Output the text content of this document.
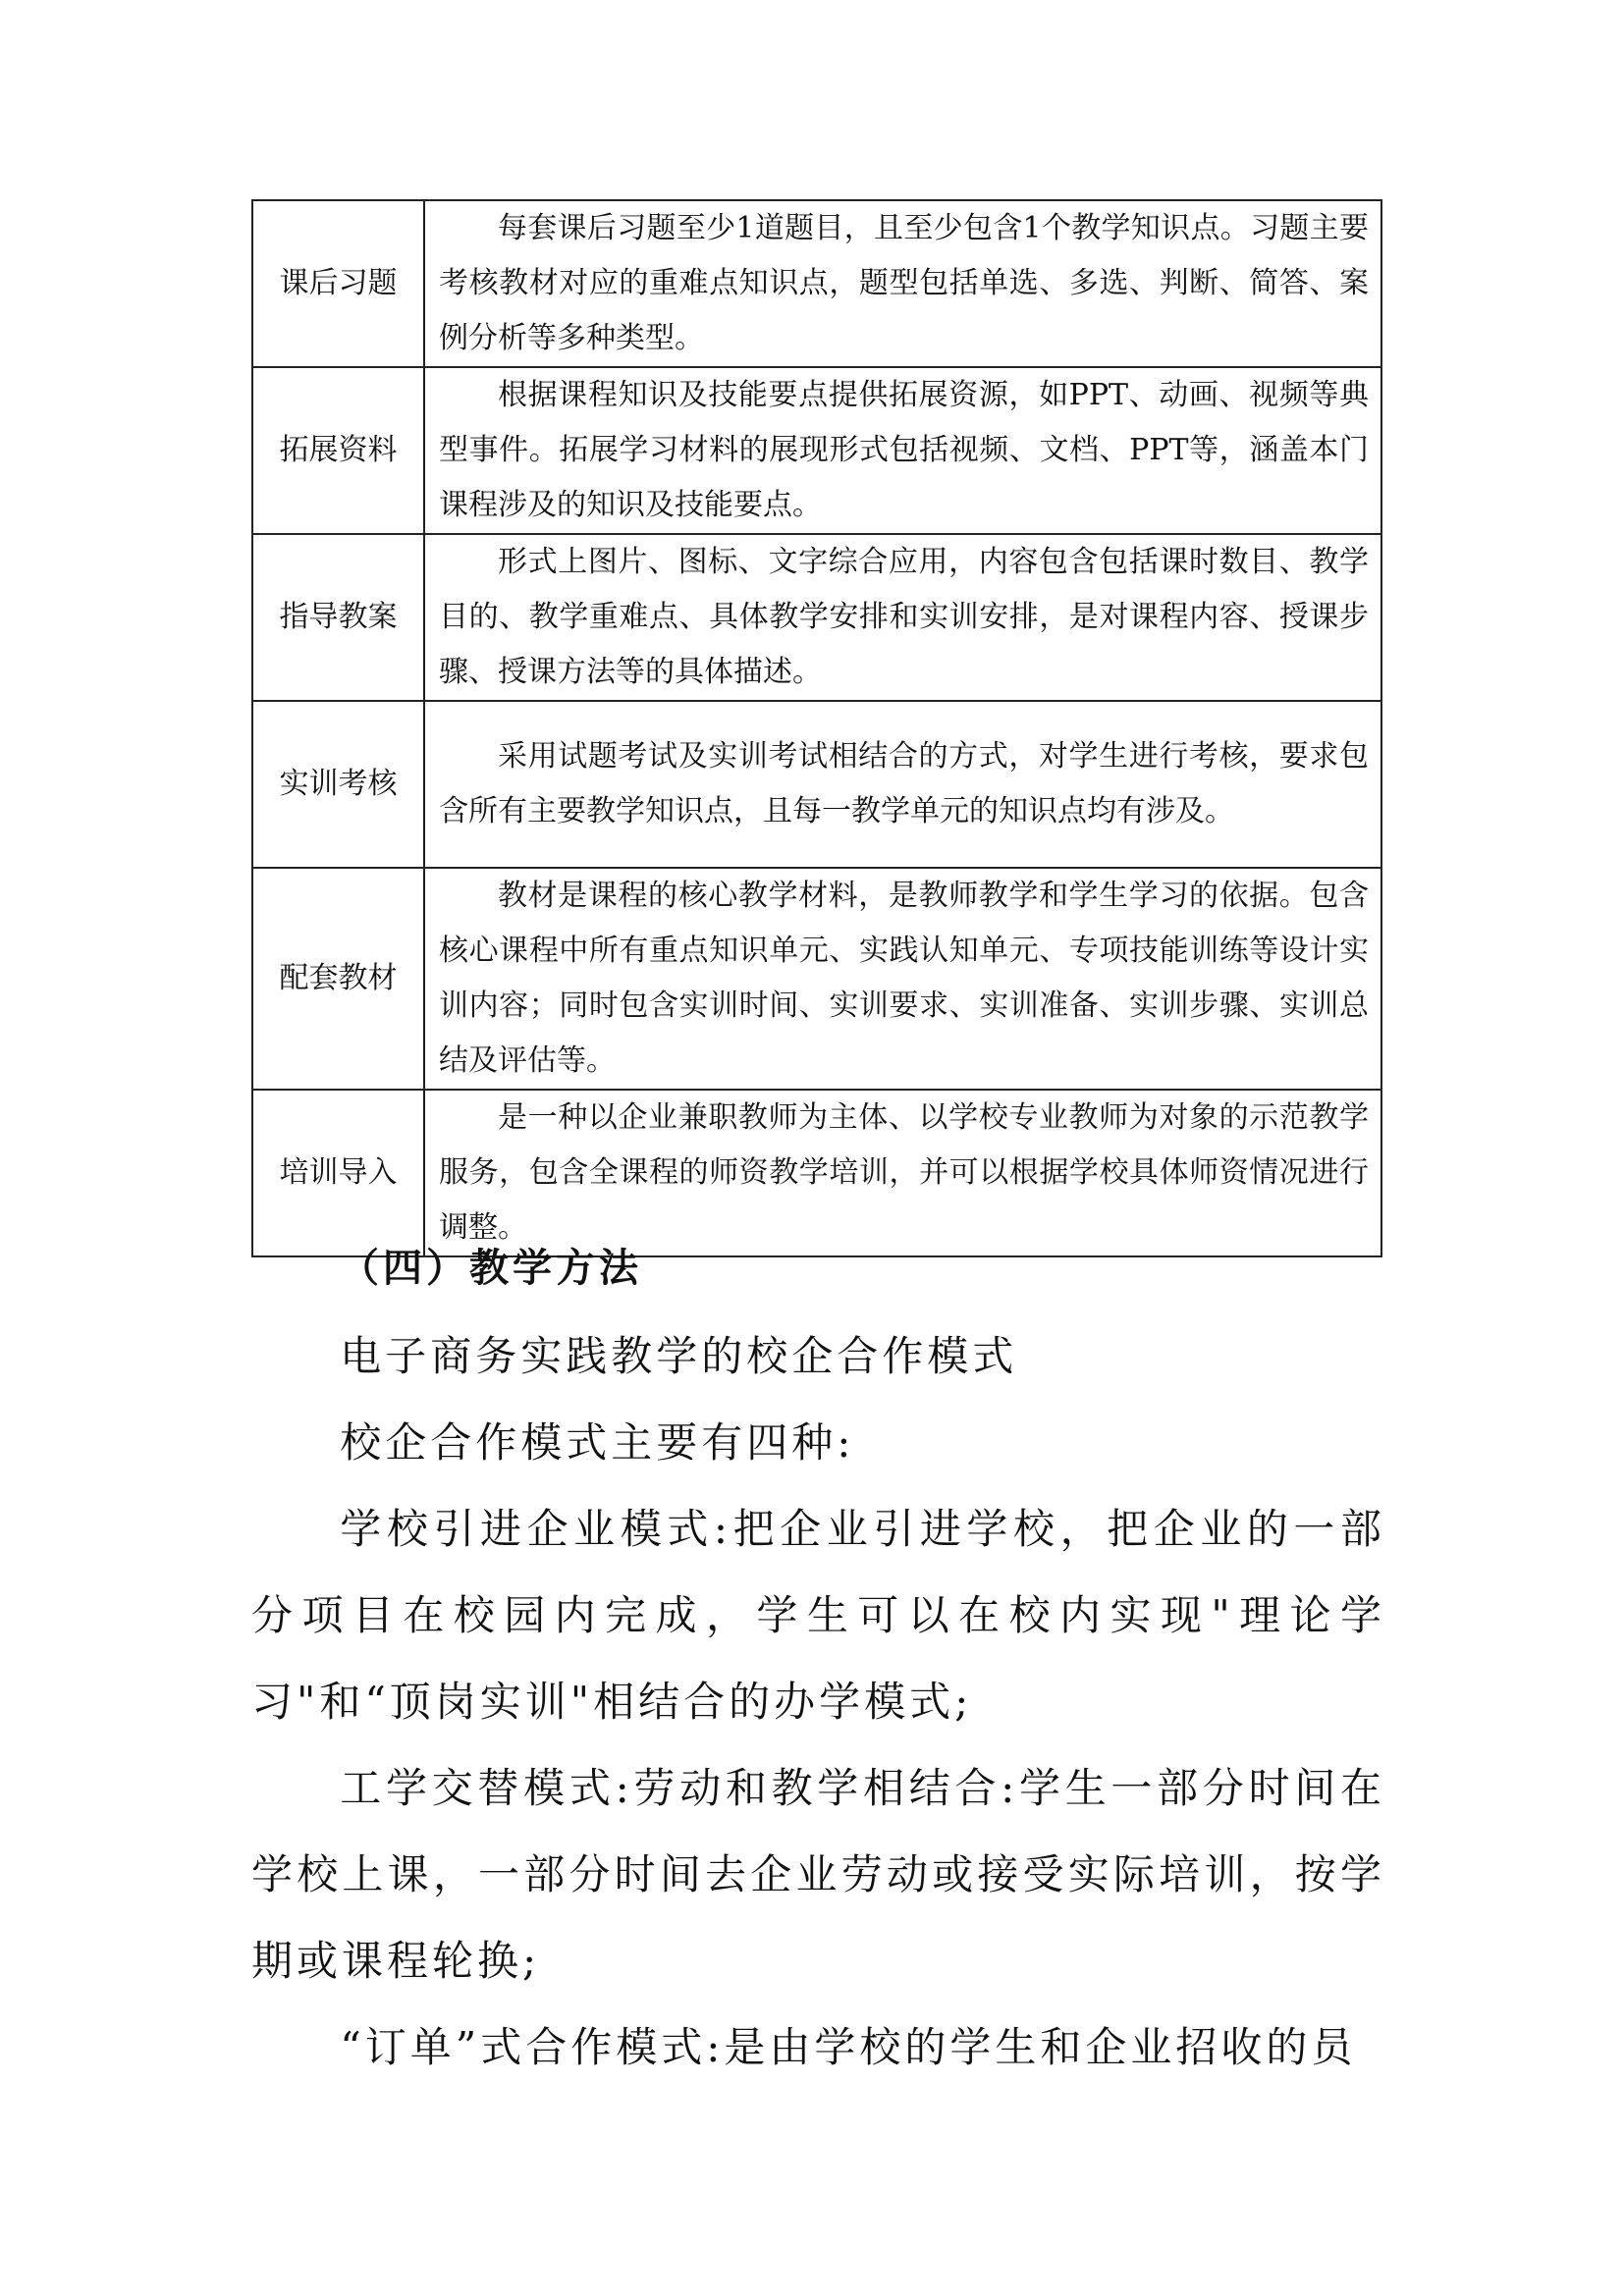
课后习题	每套课后习题至少1道题目，且至少包含1个教学知识点。习题主要考核教材对应的重难点知识点，题型包括单选、多选、判断、简答、案例分析等多种类型。

拓展资料	根据课程知识及技能要点提供拓展资源，如PPT、动画、视频等典型事件。拓展学习材料的展现形式包括视频、文档、PPT等，涵盖本门课程涉及的知识及技能要点。

指导教案	形式上图片、图标、文字综合应用，内容包含包括课时数目、教学目的、教学重难点、具体教学安排和实训安排，是对课程内容、授课步骤、授课方法等的具体描述。

实训考核	采用试题考试及实训考试相结合的方式，对学生进行考核，要求包含所有主要教学知识点，且每一教学单元的知识点均有涉及。

配套教材	教材是课程的核心教学材料，是教师教学和学生学习的依据。包含核心课程中所有重点知识单元、实践认知单元、专项技能训练等设计实训内容；同时包含实训时间、实训要求、实训准备、实训步骤、实训总结及评估等。

培训导入	是一种以企业兼职教师为主体、以学校专业教师为对象的示范教学服务，包含全课程的师资教学培训，并可以根据学校具体师资情况进行调整。
（四）教学方法

电子商务实践教学的校企合作模式

校企合作模式主要有四种:

学校引进企业模式:把企业引进学校，把企业的一部分项目在校园内完成，学生可以在校内实现"理论学习"和“顶岗实训"相结合的办学模式;

工学交替模式:劳动和教学相结合:学生一部分时间在学校上课，一部分时间去企业劳动或接受实际培训，按学期或课程轮换;

“订单”式合作模式:是由学校的学生和企业招收的员
